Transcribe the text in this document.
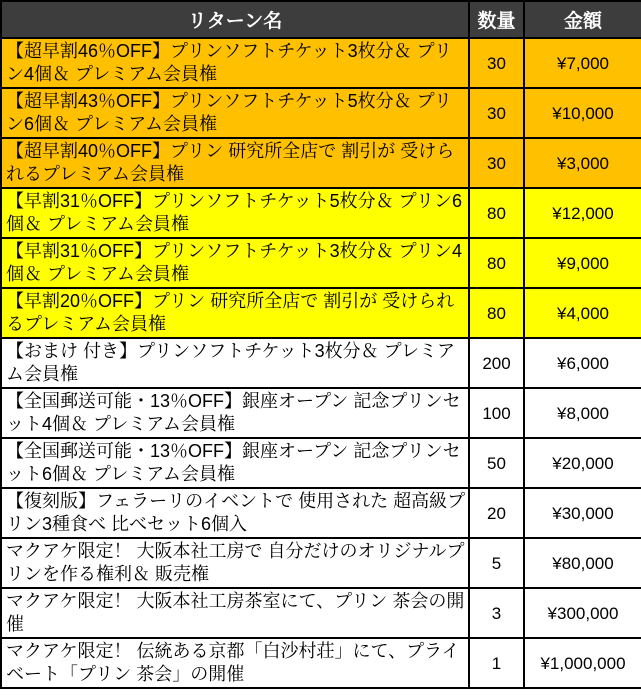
リターン名	数量	金額
【超早割46％OFF】プリンソフトチケット3枚分＆ プリン4個＆ プレミアム会員権	30	¥7,000
【超早割43％OFF】プリンソフトチケット5枚分＆ プリン6個＆ プレミアム会員権	30	¥10,000
【超早割40％OFF】プリン 研究所全店で 割引が 受けられるプレミアム会員権	30	¥3,000
【早割31％OFF】プリンソフトチケット5枚分＆ プリン6個＆ プレミアム会員権	80	¥12,000
【早割31％OFF】プリンソフトチケット3枚分＆ プリン4個＆ プレミアム会員権	80	¥9,000
【早割20％OFF】プリン 研究所全店で 割引が 受けられるプレミアム会員権	80	¥4,000
【おまけ 付き】プリンソフトチケット3枚分＆ プレミアム会員権	200	¥6,000
【全国郵送可能・13％OFF】銀座オープン 記念プリンセット4個＆ プレミアム会員権	100	¥8,000
【全国郵送可能・13％OFF】銀座オープン 記念プリンセット6個＆ プレミアム会員権	50	¥20,000
【復刻版】フェラーリのイベントで 使用された 超高級プリン3種食べ 比べセット6個入	20	¥30,000
マクアケ限定！ 大阪本社工房で 自分だけのオリジナルプリンを作る権利＆ 販売権	5	¥80,000
マクアケ限定！ 大阪本社工房茶室にて、プリン 茶会の開催	3	¥300,000
マクアケ限定！ 伝統ある京都「白沙村荘」にて、プライベート「プリン 茶会」の開催	1	¥1,000,000
